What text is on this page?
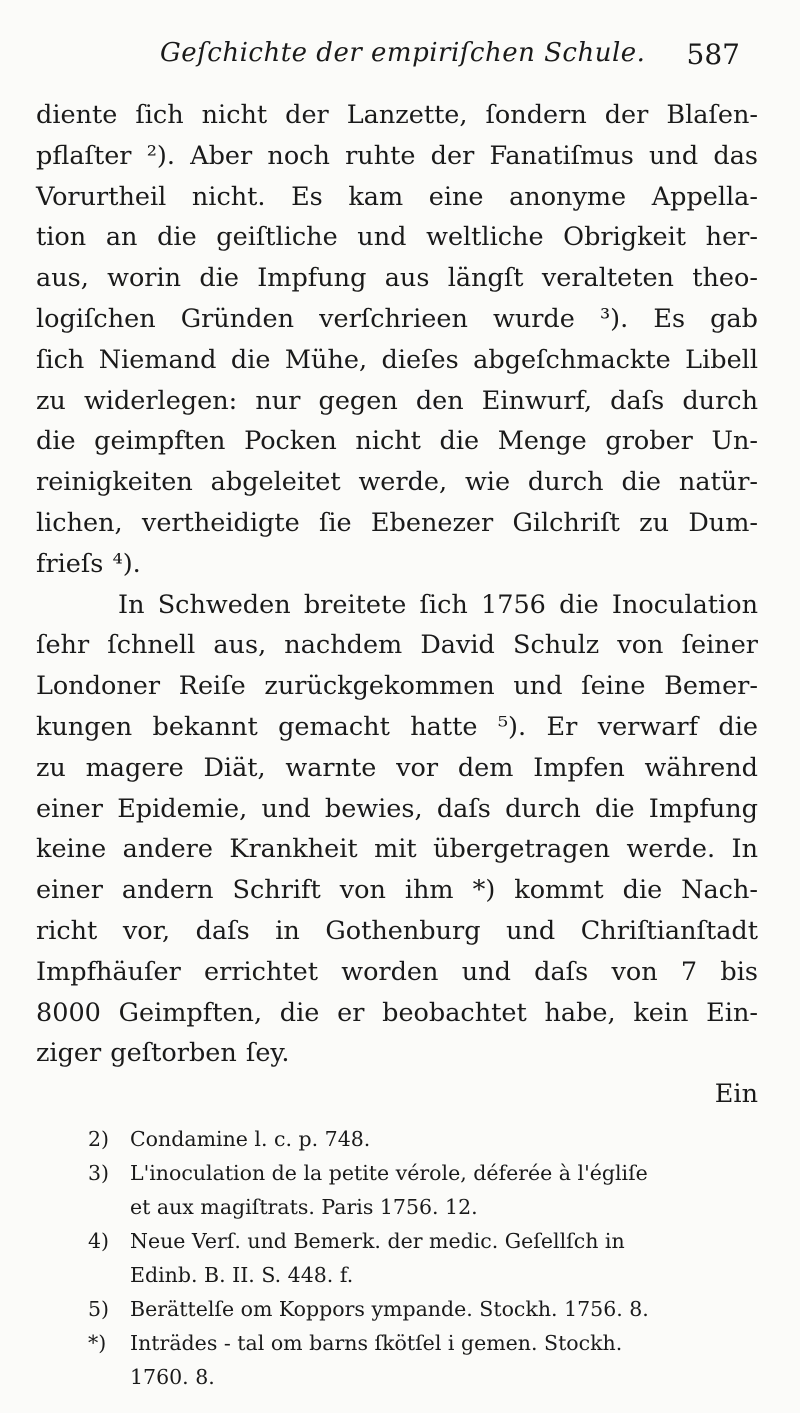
Geſchichte der empiriſchen Schule. 587
diente ſich nicht der Lanzette, ſondern der Blaſen-
pflaſter ²). Aber noch ruhte der Fanatiſmus und das
Vorurtheil nicht. Es kam eine anonyme Appella-
tion an die geiſtliche und weltliche Obrigkeit her-
aus, worin die Impfung aus längſt veralteten theo-
logiſchen Gründen verſchrieen wurde ³). Es gab
ſich Niemand die Mühe, dieſes abgeſchmackte Libell
zu widerlegen: nur gegen den Einwurf, daſs durch
die geimpften Pocken nicht die Menge grober Un-
reinigkeiten abgeleitet werde, wie durch die natür-
lichen, vertheidigte ſie Ebenezer Gilchriſt zu Dum-
frieſs ⁴).
In Schweden breitete ſich 1756 die Inoculation
ſehr ſchnell aus, nachdem David Schulz von ſeiner
Londoner Reiſe zurückgekommen und ſeine Bemer-
kungen bekannt gemacht hatte ⁵). Er verwarf die
zu magere Diät, warnte vor dem Impfen während
einer Epidemie, und bewies, daſs durch die Impfung
keine andere Krankheit mit übergetragen werde. In
einer andern Schrift von ihm *) kommt die Nach-
richt vor, daſs in Gothenburg und Chriſtianſtadt
Impfhäuſer errichtet worden und daſs von 7 bis
8000 Geimpften, die er beobachtet habe, kein Ein-
ziger geſtorben ſey.
Ein
2)	Condamine l. c. p. 748.
3)	L'inoculation de la petite vérole, déferée à l'égliſe
et aux magiſtrats. Paris 1756. 12.
4)	Neue Verſ. und Bemerk. der medic. Geſellſch in
Edinb. B. II. S. 448. f.
5)	Berättelſe om Koppors ympande. Stockh. 1756. 8.
*)	Inträdes - tal om barns ſkötſel i gemen. Stockh.
1760. 8.
